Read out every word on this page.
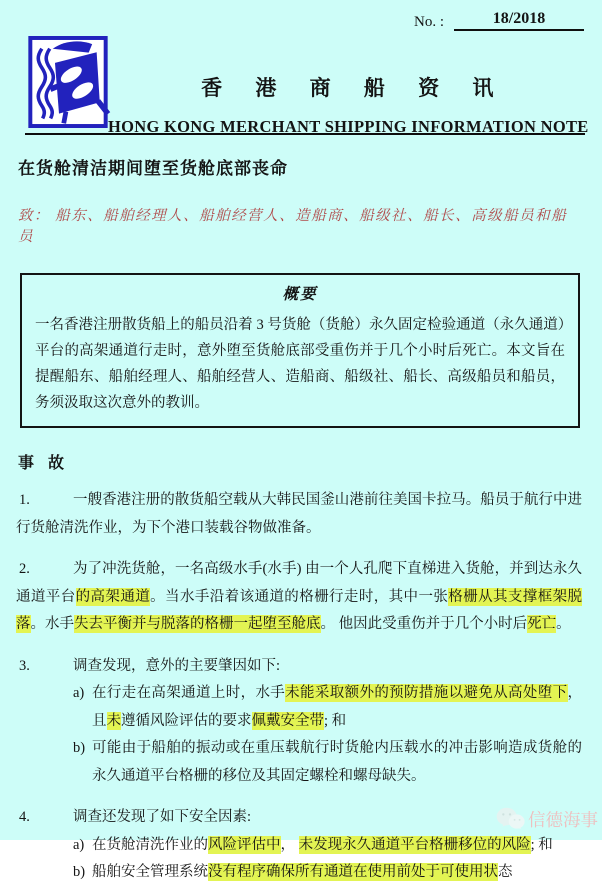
No. :	18/2018
香 港 商 船 资 讯
HONG KONG MERCHANT SHIPPING INFORMATION NOTE
在货舱清洁期间堕至货舱底部丧命

致： 船东、船舶经理人、船舶经营人、造船商、船级社、船长、高级船员和船员

概要

一名香港注册散货船上的船员沿着 3 号货舱（货舱）永久固定检验通道（永久通道）平台的高架通道行走时，意外堕至货舱底部受重伤并于几个小时后死亡。本文旨在提醒船东、船舶经理人、船舶经营人、造船商、船级社、船长、高级船员和船员，务须汲取这次意外的教训。

事 故
1.	一艘香港注册的散货船空载从大韩民国釜山港前往美国卡拉马。船员于航行中进行货舱清洗作业，为下个港口装载谷物做准备。
2.	为了冲洗货舱，一名高级水手(水手) 由一个人孔爬下直梯进入货舱，并到达永久通道平台的高架通道。当水手沿着该通道的格栅行走时，其中一张格栅从其支撑框架脱落。水手失去平衡并与脱落的格栅一起堕至舱底。 他因此受重伤并于几个小时后死亡。
3.	调查发现，意外的主要肇因如下:
a) 在行走在高架通道上时，水手未能采取额外的预防措施以避免从高处堕下，且未遵循风险评估的要求佩戴安全带; 和
b) 可能由于船舶的振动或在重压载航行时货舱内压载水的冲击影响造成货舱的永久通道平台格栅的移位及其固定螺栓和螺母缺失。
4.	调查还发现了如下安全因素:
a) 在货舱清洗作业的风险评估中， 未发现永久通道平台格栅移位的风险; 和
b) 船舶安全管理系统没有程序确保所有通道在使用前处于可使用状态
信德海事
